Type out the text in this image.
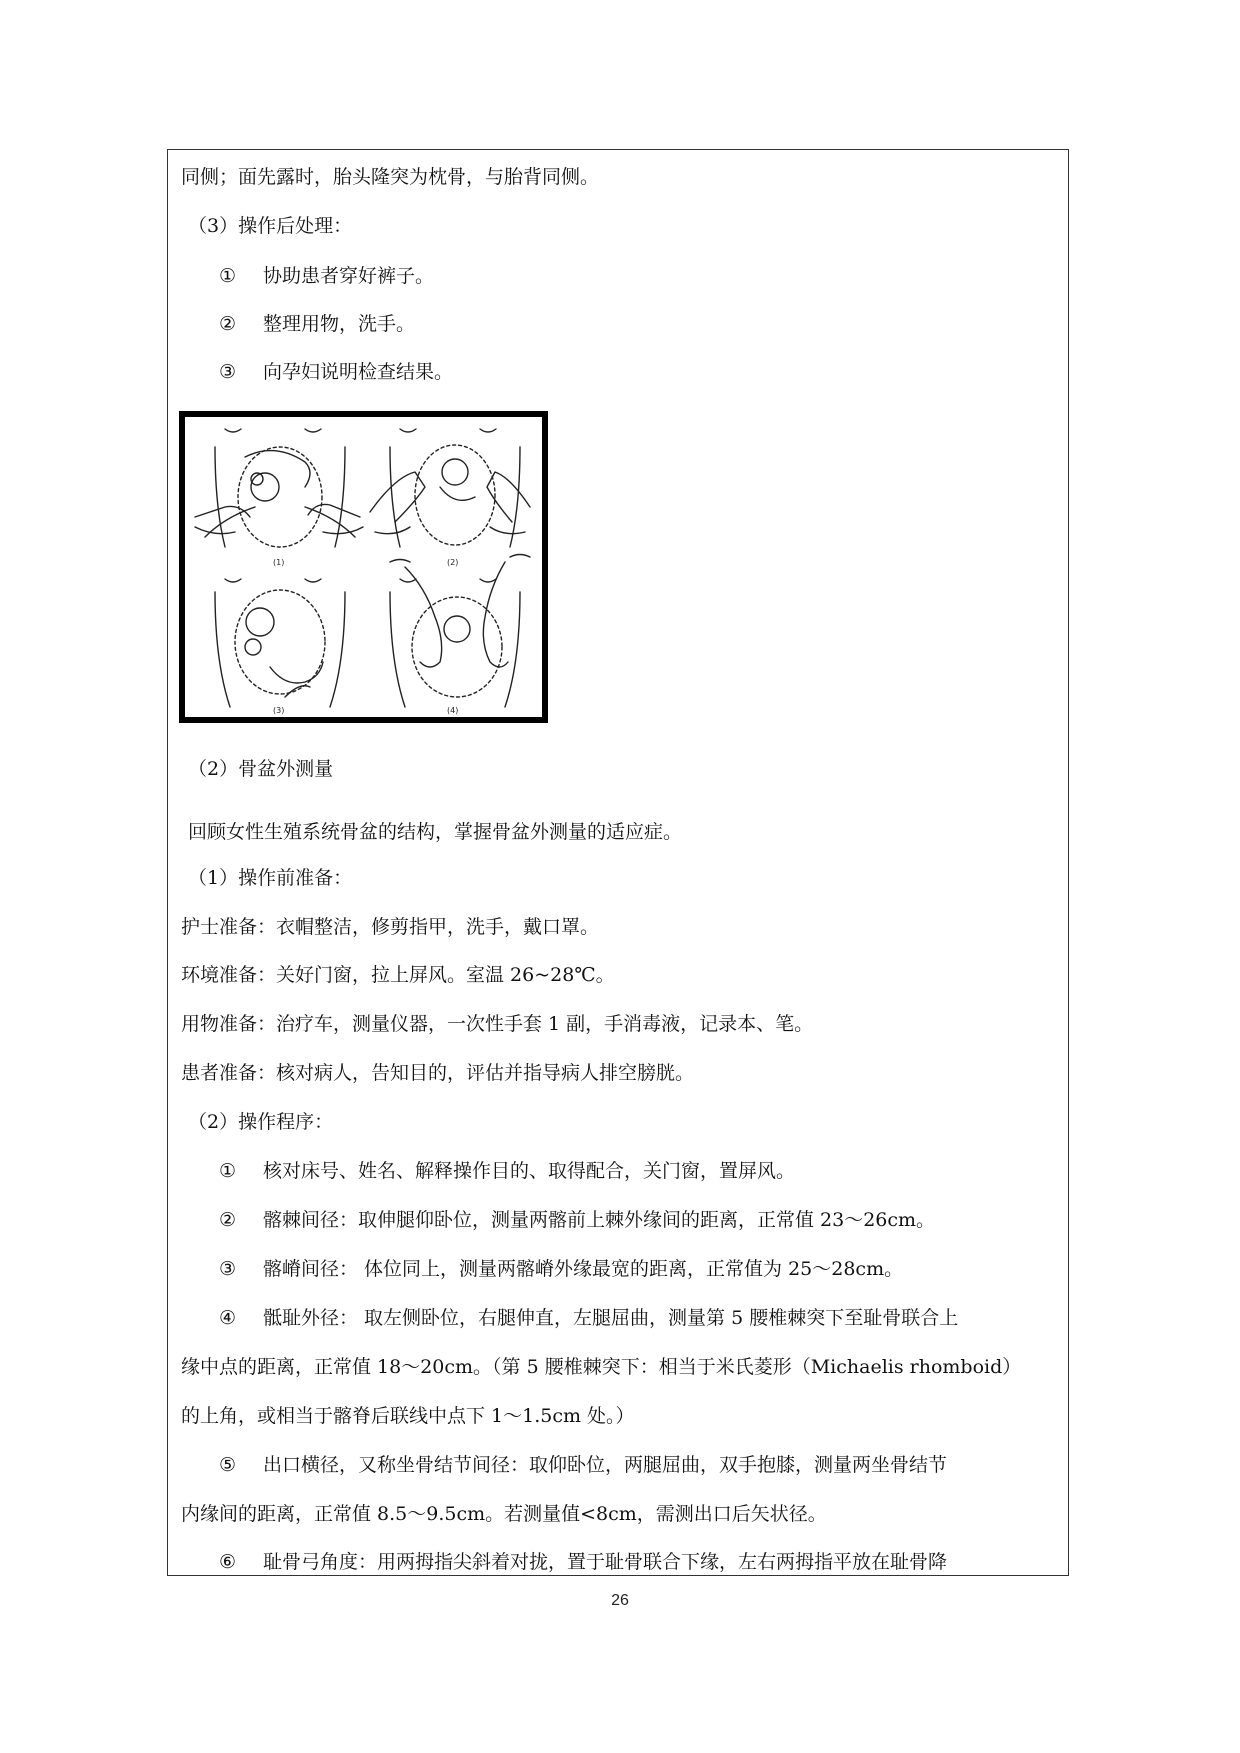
同侧；面先露时，胎头隆突为枕骨，与胎背同侧。

（3）操作后处理：

① 协助患者穿好裤子。
② 整理用物，洗手。
③ 向孕妇说明检查结果。
(1)	(2)
(3)	(4)

（2）骨盆外测量

回顾女性生殖系统骨盆的结构，掌握骨盆外测量的适应症。

（1）操作前准备：

护士准备：衣帽整洁，修剪指甲，洗手，戴口罩。

环境准备：关好门窗，拉上屏风。室温 26~28℃。

用物准备：治疗车，测量仪器，一次性手套 1 副，手消毒液，记录本、笔。

患者准备：核对病人，告知目的，评估并指导病人排空膀胱。

（2）操作程序：

① 核对床号、姓名、解释操作目的、取得配合，关门窗，置屏风。
② 髂棘间径：取伸腿仰卧位，测量两髂前上棘外缘间的距离，正常值 23～26cm。
③ 髂嵴间径： 体位同上，测量两髂嵴外缘最宽的距离，正常值为 25～28cm。
④ 骶耻外径： 取左侧卧位，右腿伸直，左腿屈曲，测量第 5 腰椎棘突下至耻骨联合上

缘中点的距离，正常值 18～20cm。（第 5 腰椎棘突下：相当于米氏菱形（Michaelis rhomboid）

的上角，或相当于髂脊后联线中点下 1～1.5cm 处。）

⑤ 出口横径，又称坐骨结节间径：取仰卧位，两腿屈曲，双手抱膝，测量两坐骨结节

内缘间的距离，正常值 8.5～9.5cm。若测量值<8cm，需测出口后矢状径。

⑥ 耻骨弓角度：用两拇指尖斜着对拢，置于耻骨联合下缘，左右两拇指平放在耻骨降
26
